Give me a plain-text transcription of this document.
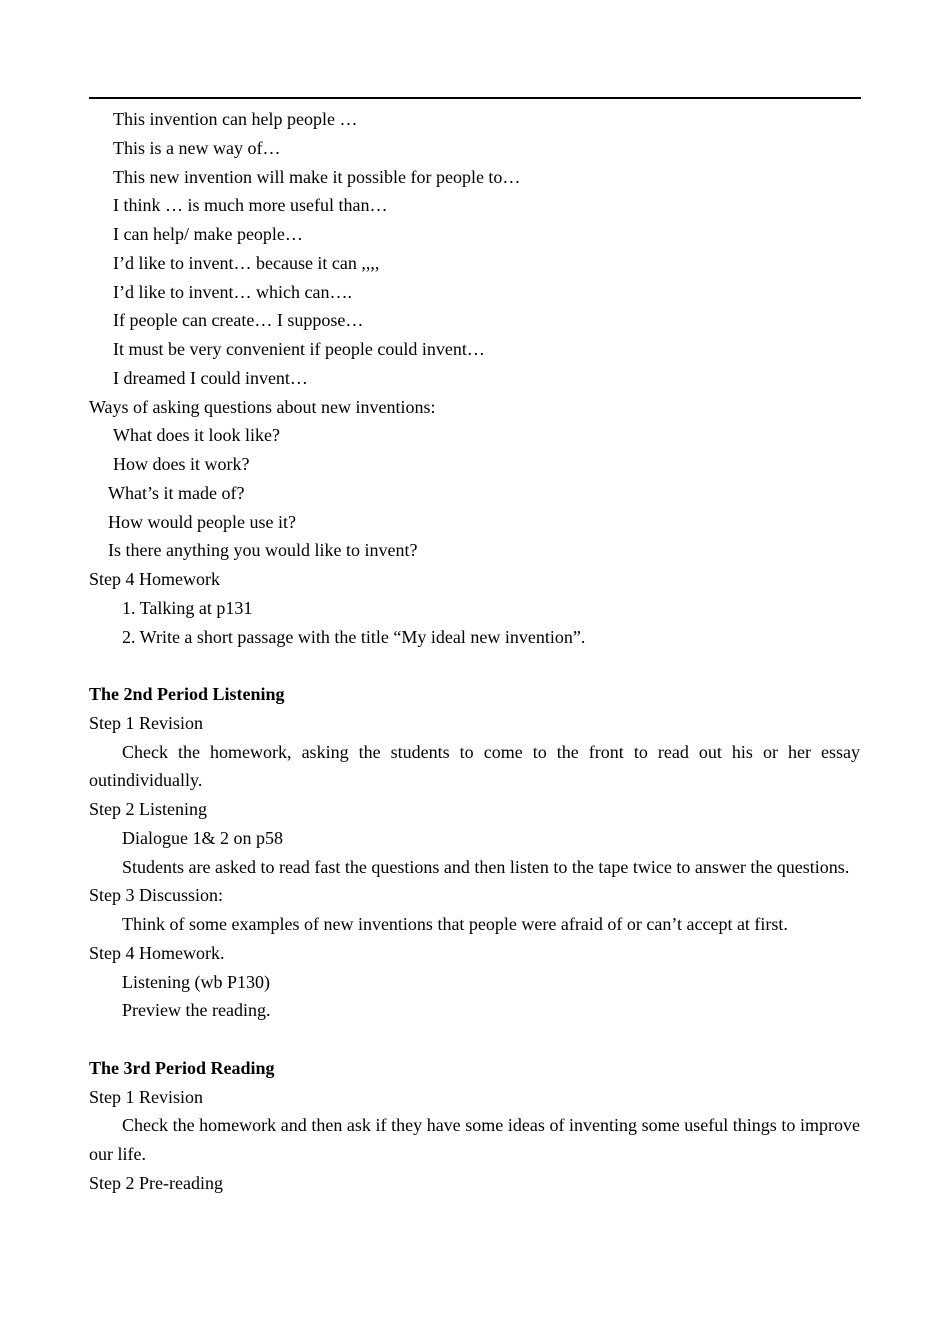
This invention can help people …
This is a new way of…
This new invention will make it possible for people to…
I think … is much more useful than…
I can help/ make people…
I’d like to invent… because it can ,,,,
I’d like to invent… which can….
If people can create… I suppose…
It must be very convenient if people could invent…
I dreamed I could invent…
Ways of asking questions about new inventions:
What does it look like?
How does it work?
What’s it made of?
How would people use it?
Is there anything you would like to invent?
Step 4 Homework
1. Talking at p131
2. Write a short passage with the title “My ideal new invention”.
The 2nd Period Listening
Step 1 Revision
Check the homework, asking the students to come to the front to read out his or her essay outindividually.
Step 2 Listening
Dialogue 1& 2 on p58
Students are asked to read fast the questions and then listen to the tape twice to answer the questions.
Step 3 Discussion:
Think of some examples of new inventions that people were afraid of or can’t accept at first.
Step 4 Homework.
Listening (wb P130)
Preview the reading.
The 3rd Period Reading
Step 1 Revision
Check the homework and then ask if they have some ideas of inventing some useful things to improve our life.
Step 2 Pre-reading
